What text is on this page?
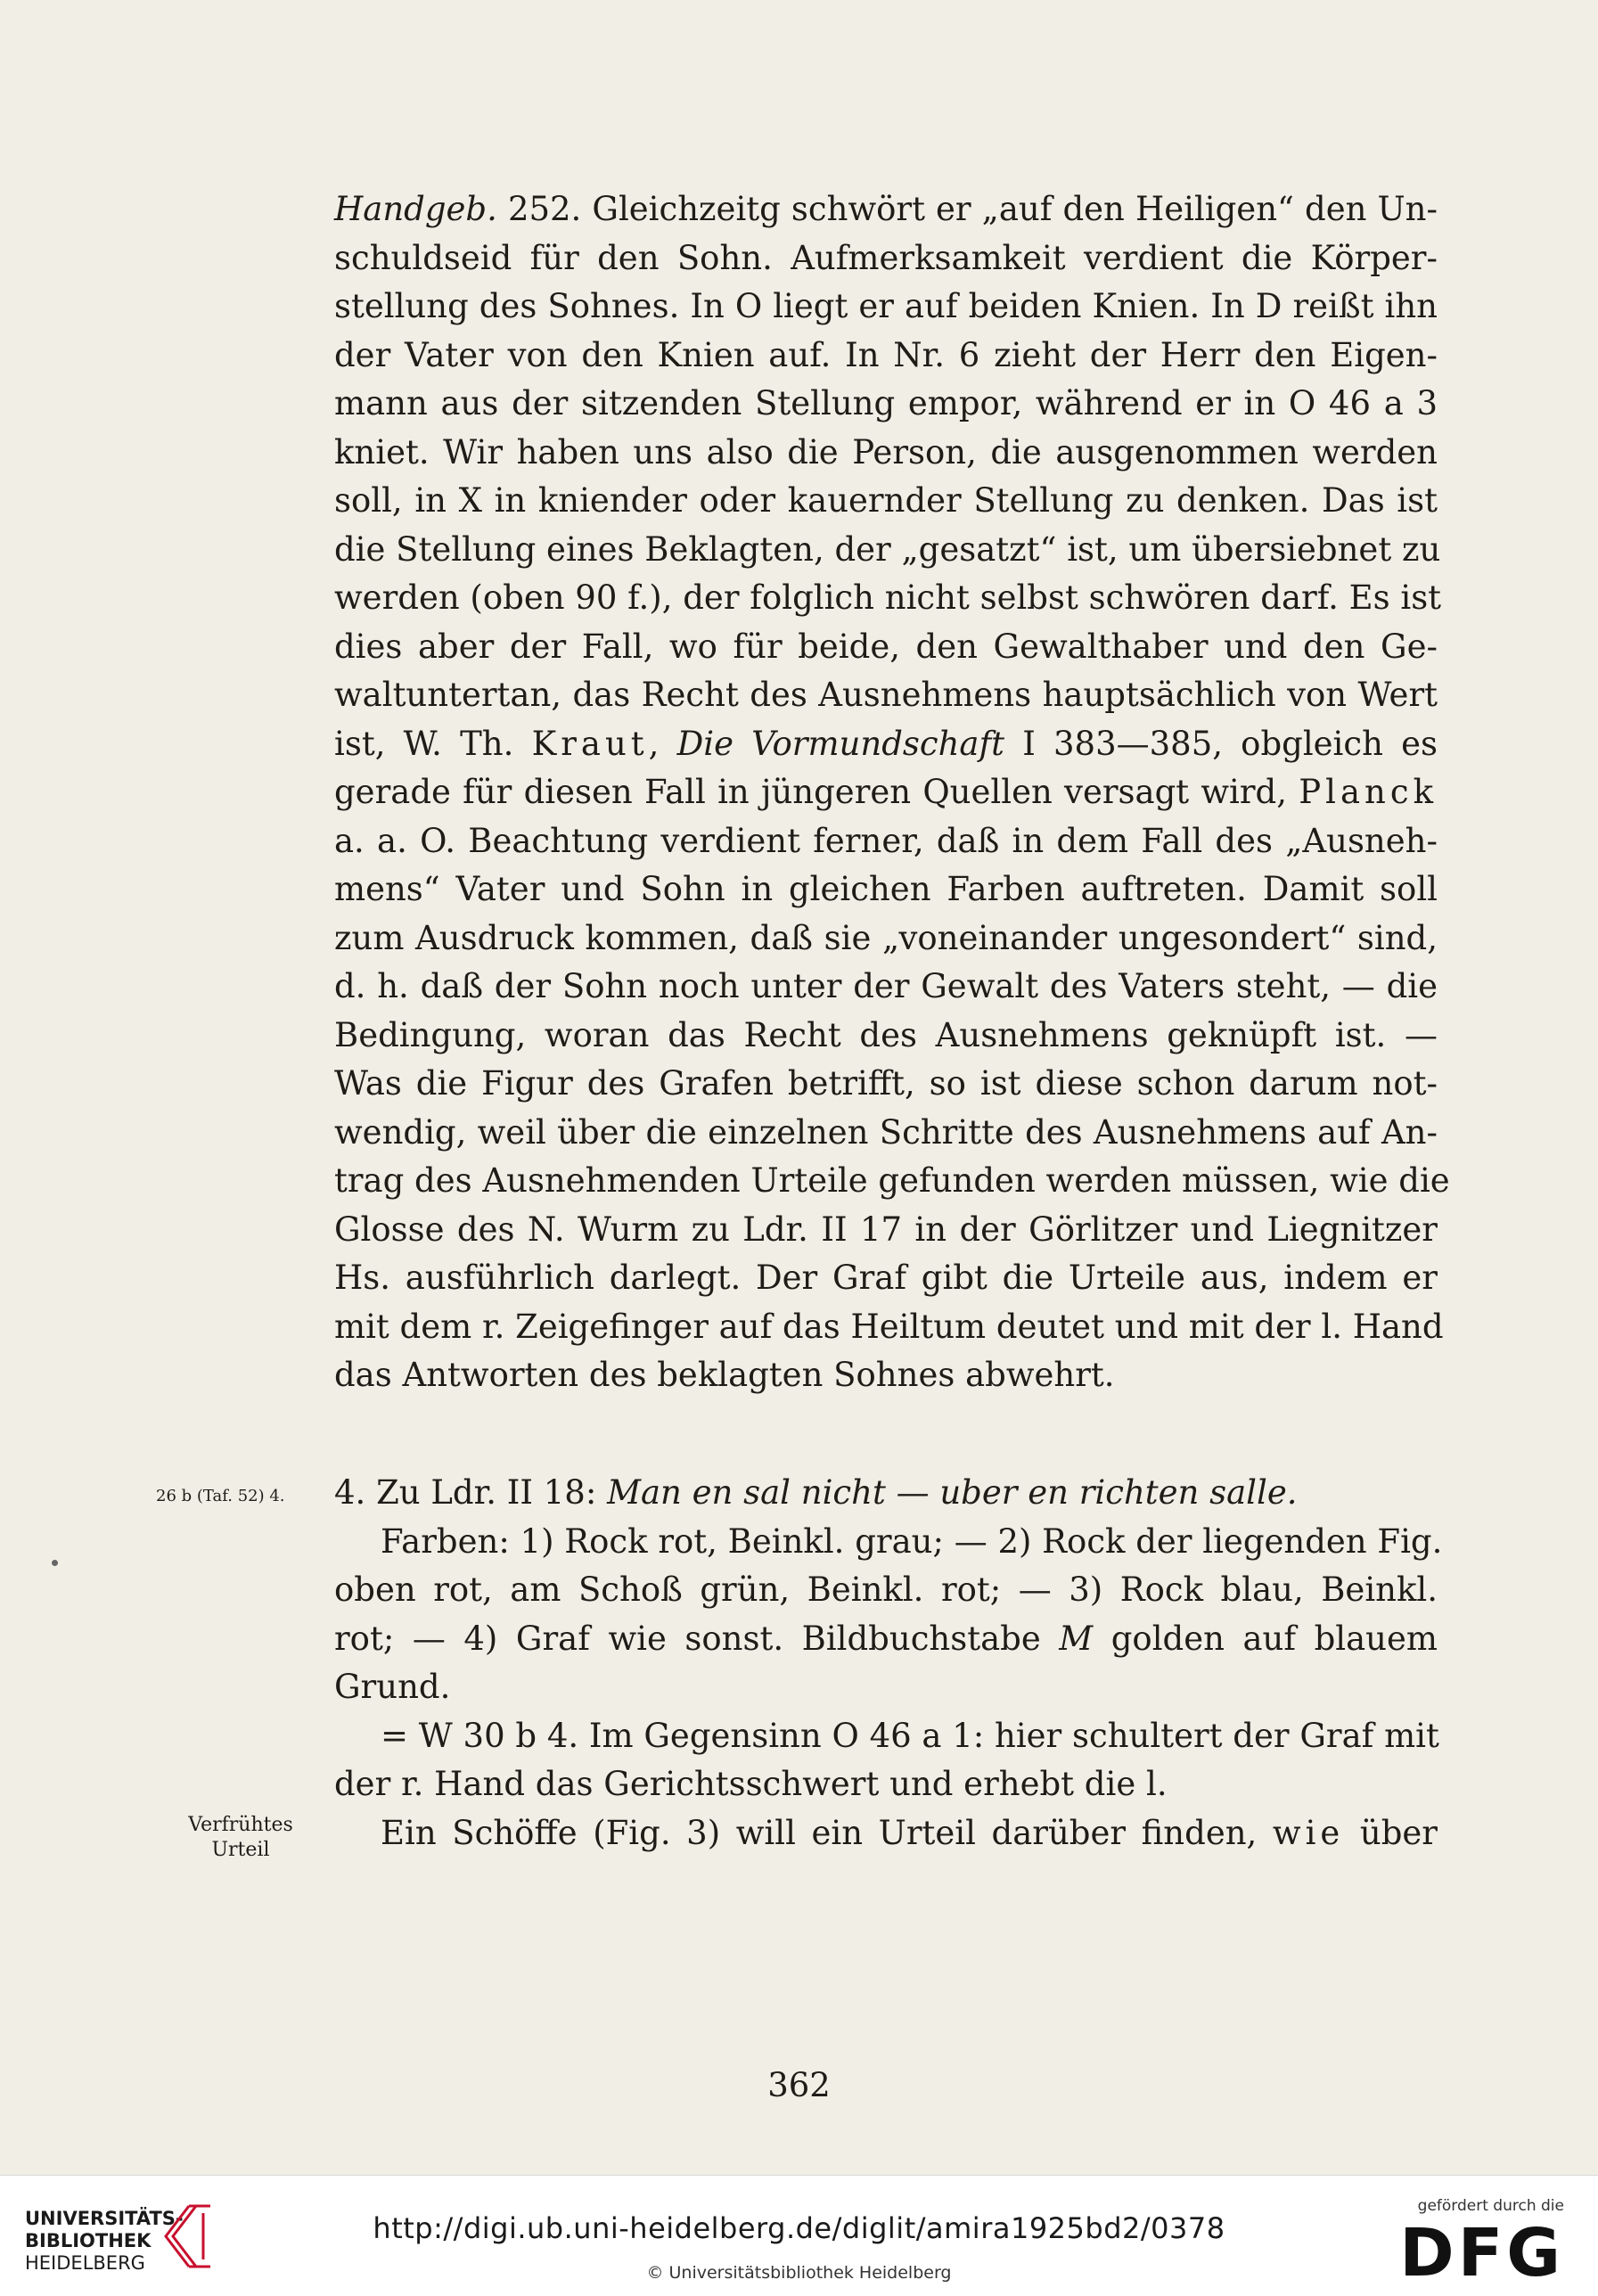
Handgeb. 252. Gleichzeitg schwört er „auf den Heiligen“ den Un-
schuldseid für den Sohn. Aufmerksamkeit verdient die Körper-
stellung des Sohnes. In O liegt er auf beiden Knien. In D reißt ihn
der Vater von den Knien auf. In Nr. 6 zieht der Herr den Eigen-
mann aus der sitzenden Stellung empor, während er in O 46 a 3
kniet. Wir haben uns also die Person, die ausgenommen werden
soll, in X in kniender oder kauernder Stellung zu denken. Das ist
die Stellung eines Beklagten, der „gesatzt“ ist, um übersiebnet zu
werden (oben 90 f.), der folglich nicht selbst schwören darf. Es ist
dies aber der Fall, wo für beide, den Gewalthaber und den Ge-
waltuntertan, das Recht des Ausnehmens hauptsächlich von Wert
ist, W. Th. Kraut, Die Vormundschaft I 383—385, obgleich es
gerade für diesen Fall in jüngeren Quellen versagt wird, Planck
a. a. O. Beachtung verdient ferner, daß in dem Fall des „Ausneh-
mens“ Vater und Sohn in gleichen Farben auftreten. Damit soll
zum Ausdruck kommen, daß sie „voneinander ungesondert“ sind,
d. h. daß der Sohn noch unter der Gewalt des Vaters steht, — die
Bedingung, woran das Recht des Ausnehmens geknüpft ist. —
Was die Figur des Grafen betrifft, so ist diese schon darum not-
wendig, weil über die einzelnen Schritte des Ausnehmens auf An-
trag des Ausnehmenden Urteile gefunden werden müssen, wie die
Glosse des N. Wurm zu Ldr. II 17 in der Görlitzer und Liegnitzer
Hs. ausführlich darlegt. Der Graf gibt die Urteile aus, indem er
mit dem r. Zeigefinger auf das Heiltum deutet und mit der l. Hand
das Antworten des beklagten Sohnes abwehrt.
26 b (Taf. 52) 4. 4. Zu Ldr. II 18: Man en sal nicht — uber en richten salle.
Farben: 1) Rock rot, Beinkl. grau; — 2) Rock der liegenden Fig.
oben rot, am Schoß grün, Beinkl. rot; — 3) Rock blau, Beinkl.
rot; — 4) Graf wie sonst. Bildbuchstabe M golden auf blauem
Grund.
= W 30 b 4. Im Gegensinn O 46 a 1: hier schultert der Graf mit
der r. Hand das Gerichtsschwert und erhebt die l.
Ein Schöffe (Fig. 3) will ein Urteil darüber finden, wie über
Verfrühtes
Urteil
362
UNIVERSITÄTS-
BIBLIOTHEK
HEIDELBERG
http://digi.ub.uni-heidelberg.de/diglit/amira1925bd2/0378
© Universitätsbibliothek Heidelberg
gefördert durch die
DFG
